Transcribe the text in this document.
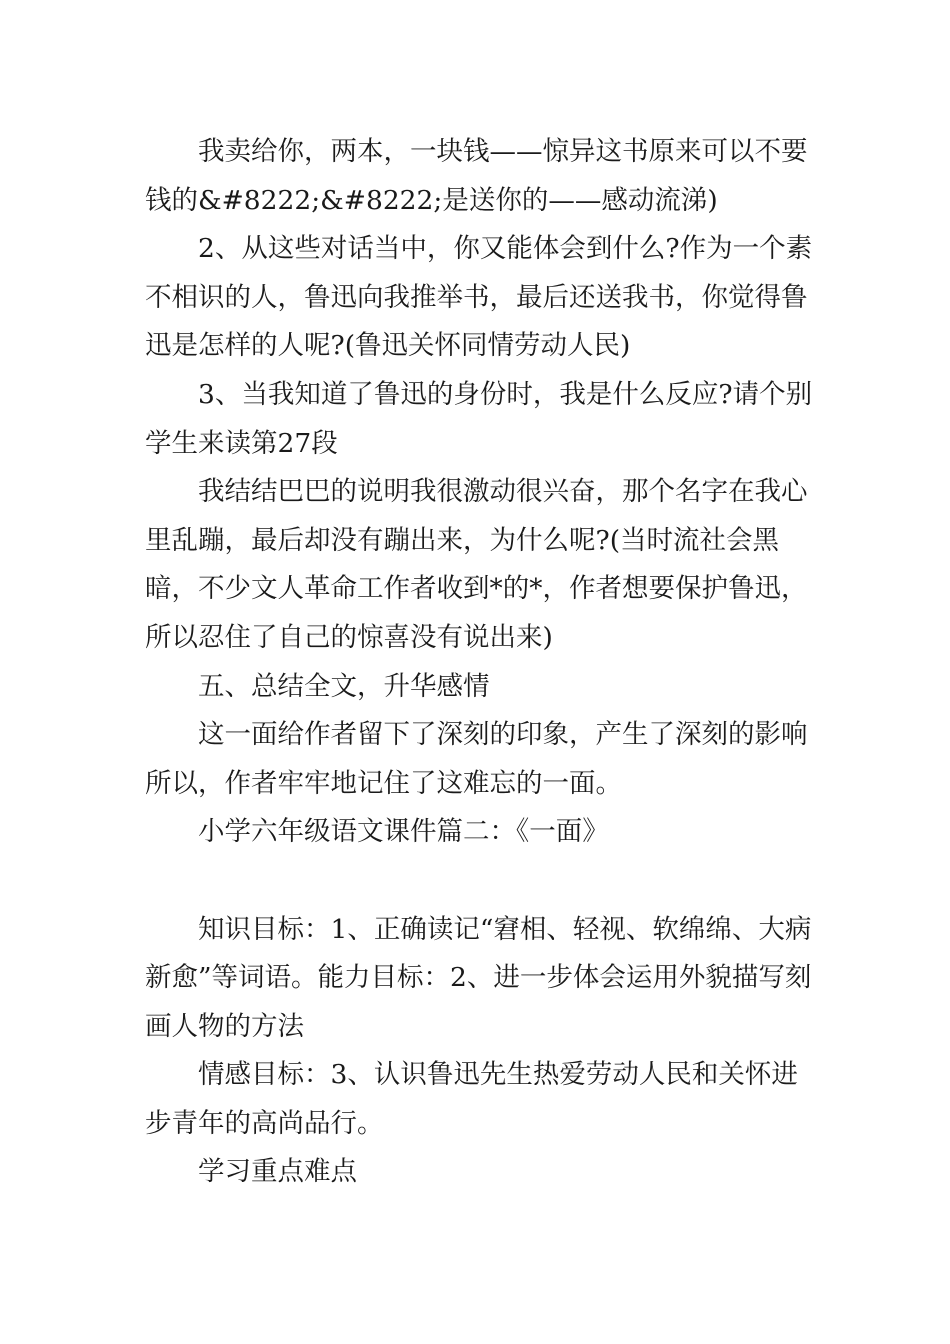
我卖给你，两本，一块钱——惊异这书原来可以不要钱的&#8222;&#8222;是送你的——感动流涕)

2、从这些对话当中，你又能体会到什么?作为一个素不相识的人，鲁迅向我推举书，最后还送我书，你觉得鲁迅是怎样的人呢?(鲁迅关怀同情劳动人民)

3、当我知道了鲁迅的身份时，我是什么反应?请个别学生来读第27段

我结结巴巴的说明我很激动很兴奋，那个名字在我心里乱蹦，最后却没有蹦出来，为什么呢?(当时流社会黑暗，不少文人革命工作者收到*的*，作者想要保护鲁迅，所以忍住了自己的惊喜没有说出来)

五、总结全文，升华感情

这一面给作者留下了深刻的印象，产生了深刻的影响所以，作者牢牢地记住了这难忘的一面。

小学六年级语文课件篇二：《一面》

知识目标：1、正确读记“窘相、轻视、软绵绵、大病新愈”等词语。能力目标：2、进一步体会运用外貌描写刻画人物的方法

情感目标：3、认识鲁迅先生热爱劳动人民和关怀进步青年的高尚品行。

学习重点难点
